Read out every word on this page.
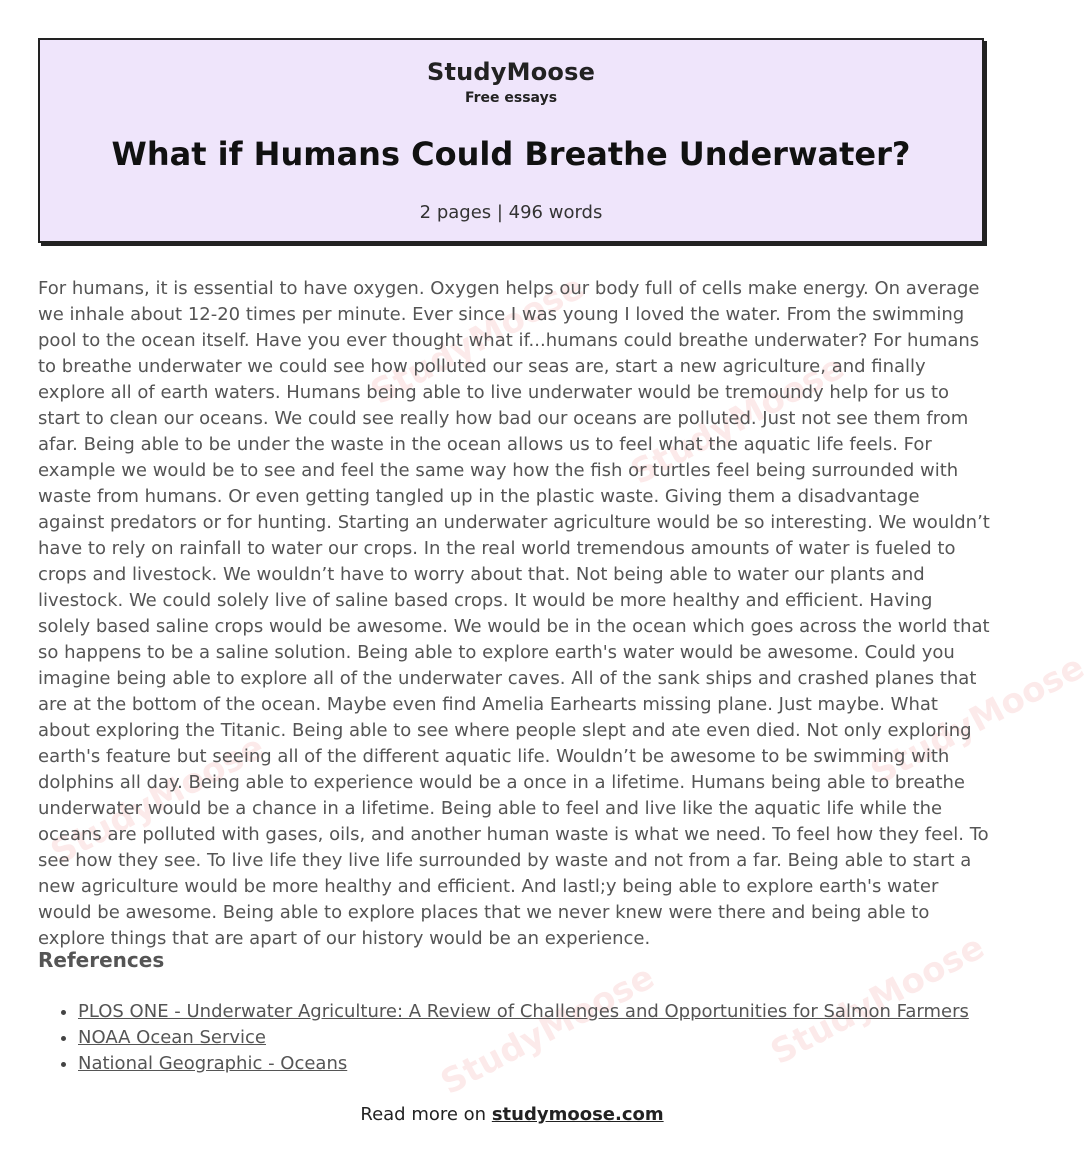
StudyMoose
StudyMoose
StudyMoose
StudyMoose
StudyMoose	StudyMoose
StudyMoose
Free essays
What if Humans Could Breathe Underwater?
2 pages | 496 words

For humans, it is essential to have oxygen. Oxygen helps our body full of cells make energy. On average we inhale about 12-20 times per minute. Ever since I was young I loved the water. From the swimming pool to the ocean itself. Have you ever thought what if...humans could breathe underwater? For humans to breathe underwater we could see how polluted our seas are, start a new agriculture, and finally explore all of earth waters. Humans being able to live underwater would be tremoundy help for us to start to clean our oceans. We could see really how bad our oceans are polluted. Just not see them from afar. Being able to be under the waste in the ocean allows us to feel what the aquatic life feels. For example we would be to see and feel the same way how the fish or turtles feel being surrounded with waste from humans. Or even getting tangled up in the plastic waste. Giving them a disadvantage against predators or for hunting. Starting an underwater agriculture would be so interesting. We wouldn’t have to rely on rainfall to water our crops. In the real world tremendous amounts of water is fueled to crops and livestock. We wouldn’t have to worry about that. Not being able to water our plants and livestock. We could solely live of saline based crops. It would be more healthy and efficient. Having solely based saline crops would be awesome. We would be in the ocean which goes across the world that so happens to be a saline solution. Being able to explore earth's water would be awesome. Could you imagine being able to explore all of the underwater caves. All of the sank ships and crashed planes that are at the bottom of the ocean. Maybe even find Amelia Earhearts missing plane. Just maybe. What about exploring the Titanic. Being able to see where people slept and ate even died. Not only exploring earth's feature but seeing all of the different aquatic life. Wouldn’t be awesome to be swimming with dolphins all day. Being able to experience would be a once in a lifetime. Humans being able to breathe underwater would be a chance in a lifetime. Being able to feel and live like the aquatic life while the oceans are polluted with gases, oils, and another human waste is what we need. To feel how they feel. To see how they see. To live life they live life surrounded by waste and not from a far. Being able to start a new agriculture would be more healthy and efficient. And lastl;y being able to explore earth's water would be awesome. Being able to explore places that we never knew were there and being able to explore things that are apart of our history would be an experience.

References
• PLOS ONE - Underwater Agriculture: A Review of Challenges and Opportunities for Salmon Farmers
• NOAA Ocean Service
• National Geographic - Oceans
Read more on studymoose.com
